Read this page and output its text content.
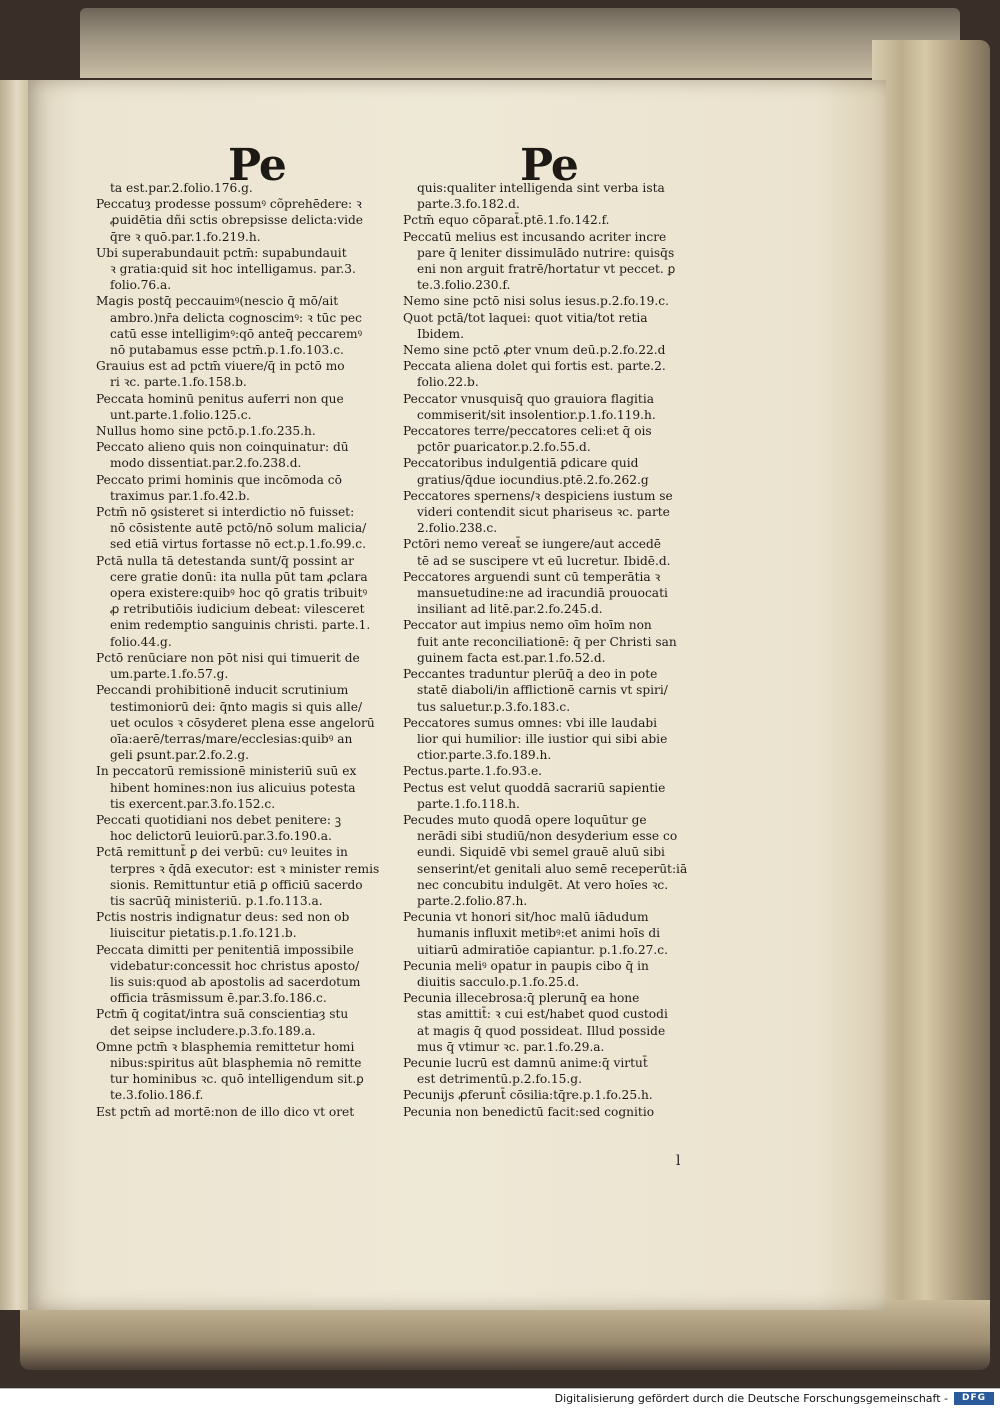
Pe	Pe
ta est.par.2.folio.176.g.
Peccatuȝ prodesse possumꝰ cõprehēdere: ꝛ
ꝓuidētia dñi sctis obrepsisse delicta:vide
q̄re ꝛ quō.par.1.fo.219.h.
Ubi superabundauit pctm̄: supabundauit
ꝛ gratia:quid sit hoc intelligamus. par.3.
folio.76.a.
Magis postq̄ peccauimꝰ(nescio q̄ mō/ait
ambro.)nr̄a delicta cognoscimꝰ: ꝛ tūc pec
catū esse intelligimꝰ:qō anteq̄ peccaremꝰ
nō putabamus esse pctm̄.p.1.fo.103.c.
Grauius est ad pctm̄ viuere/q̄ in pctō mo
ri ꝛc. parte.1.fo.158.b.
Peccata hominū penitus auferri non que
unt.parte.1.folio.125.c.
Nullus homo sine pctō.p.1.fo.235.h.
Peccato alieno quis non coinquinatur: dū
modo dissentiat.par.2.fo.238.d.
Peccato primi hominis que incōmoda cō
traximus par.1.fo.42.b.
Pctm̄ nō ꝯsisteret si interdictio nō fuisset:
nō cōsistente autē pctō/nō solum malicia/
sed etiā virtus fortasse nō ect.p.1.fo.99.c.
Pctā nulla tā detestanda sunt/q̄ possint ar
cere gratie donū: ita nulla pūt tam ꝓclara
opera existere:quibꝰ hoc qō gratis tribuitꝰ
ꝓ retributiōis iudicium debeat: vilesceret
enim redemptio sanguinis christi. parte.1.
folio.44.g.
Pctō renūciare non pōt nisi qui timuerit de
um.parte.1.fo.57.g.
Peccandi prohibitionē inducit scrutinium
testimoniorū dei: q̄nto magis si quis alle/
uet oculos ꝛ cōsyderet plena esse angelorū
oīa:aerē/terras/mare/ecclesias:quibꝰ an
geli ꝑsunt.par.2.fo.2.g.
In peccatorū remissionē ministeriū suū ex
hibent homines:non ius alicuius potesta
tis exercent.par.3.fo.152.c.
Peccati quotidiani nos debet penitere: ꝫ
hoc delictorū leuiorū.par.3.fo.190.a.
Pctā remittunt̄ ꝑ dei verbū: cuꝰ leuites in
terpres ꝛ q̄dā executor: est ꝛ minister remis
sionis. Remittuntur etiā ꝑ officiū sacerdo
tis sacrūq̄ ministeriū. p.1.fo.113.a.
Pctis nostris indignatur deus: sed non ob
liuiscitur pietatis.p.1.fo.121.b.
Peccata dimitti per penitentiā impossibile
videbatur:concessit hoc christus aposto/
lis suis:quod ab apostolis ad sacerdotum
officia trāsmissum ē.par.3.fo.186.c.
Pctm̄ q̄ cogitat/intra suā conscientiaȝ stu
det seipse includere.p.3.fo.189.a.
Omne pctm̄ ꝛ blasphemia remittetur homi
nibus:spiritus aūt blasphemia nō remitte
tur hominibus ꝛc. quō intelligendum sit.ꝑ
te.3.folio.186.f.
Est pctm̄ ad mortē:non de illo dico vt oret
quis:qualiter intelligenda sint verba ista
parte.3.fo.182.d.
Pctm̄ equo cōparat̄.ptē.1.fo.142.f.
Peccatū melius est incusando acriter incre
pare q̄ leniter dissimulādo nutrire: quisq̄s
eni non arguit fratrē/hortatur vt peccet. ꝑ
te.3.folio.230.f.
Nemo sine pctō nisi solus iesus.p.2.fo.19.c.
Quot pctā/tot laquei: quot vitia/tot retia
Ibidem.
Nemo sine pctō ꝓter vnum deū.p.2.fo.22.d
Peccata aliena dolet qui fortis est. parte.2.
folio.22.b.
Peccator vnusquisq̄ quo grauiora flagitia
commiserit/sit insolentior.p.1.fo.119.h.
Peccatores terre/peccatores celi:et q̄ ois
pctōr ꝑuaricator.p.2.fo.55.d.
Peccatoribus indulgentiā ꝑdicare quid
gratius/q̄due iocundius.ptē.2.fo.262.g
Peccatores spernens/ꝛ despiciens iustum se
videri contendit sicut phariseus ꝛc. parte
2.folio.238.c.
Pctōri nemo vereat̄ se iungere/aut accedē
tē ad se suscipere vt eū lucretur. Ibidē.d.
Peccatores arguendi sunt cū temperātia ꝛ
mansuetudine:ne ad iracundiā prouocati
insiliant ad litē.par.2.fo.245.d.
Peccator aut impius nemo oīm hoīm non
fuit ante reconciliationē: q̄ per Christi san
guinem facta est.par.1.fo.52.d.
Peccantes traduntur plerūq̄ a deo in pote
statē diaboli/in afflictionē carnis vt spiri/
tus saluetur.p.3.fo.183.c.
Peccatores sumus omnes: vbi ille laudabi
lior qui humilior: ille iustior qui sibi abie
ctior.parte.3.fo.189.h.
Pectus.parte.1.fo.93.e.
Pectus est velut quoddā sacrariū sapientie
parte.1.fo.118.h.
Pecudes muto quodā opere loquūtur ge
nerādi sibi studiū/non desyderium esse co
eundi. Siquidē vbi semel grauē aluū sibi
senserint/et genitali aluo semē receperūt:iā
nec concubitu indulgēt. At vero hoīes ꝛc.
parte.2.folio.87.h.
Pecunia vt honori sit/hoc malū iādudum
humanis influxit metibꝰ:et animi hoīs di
uitiarū admiratiōe capiantur. p.1.fo.27.c.
Pecunia meliꝰ opatur in paupis cibo q̄ in
diuitis sacculo.p.1.fo.25.d.
Pecunia illecebrosa:q̄ plerunq̄ ea hone
stas amittit̄: ꝛ cui est/habet quod custodi
at magis q̄ quod possideat. Illud posside
mus q̄ vtimur ꝛc. par.1.fo.29.a.
Pecunie lucrū est damnū anime:q̄ virtut̄
est detrimentū.p.2.fo.15.g.
Pecunijs ꝓferunt̄ cōsilia:tq̄re.p.1.fo.25.h.
Pecunia non benedictū facit:sed cognitio
l
Digitalisierung gefördert durch die Deutsche Forschungsgemeinschaft -	DFG
